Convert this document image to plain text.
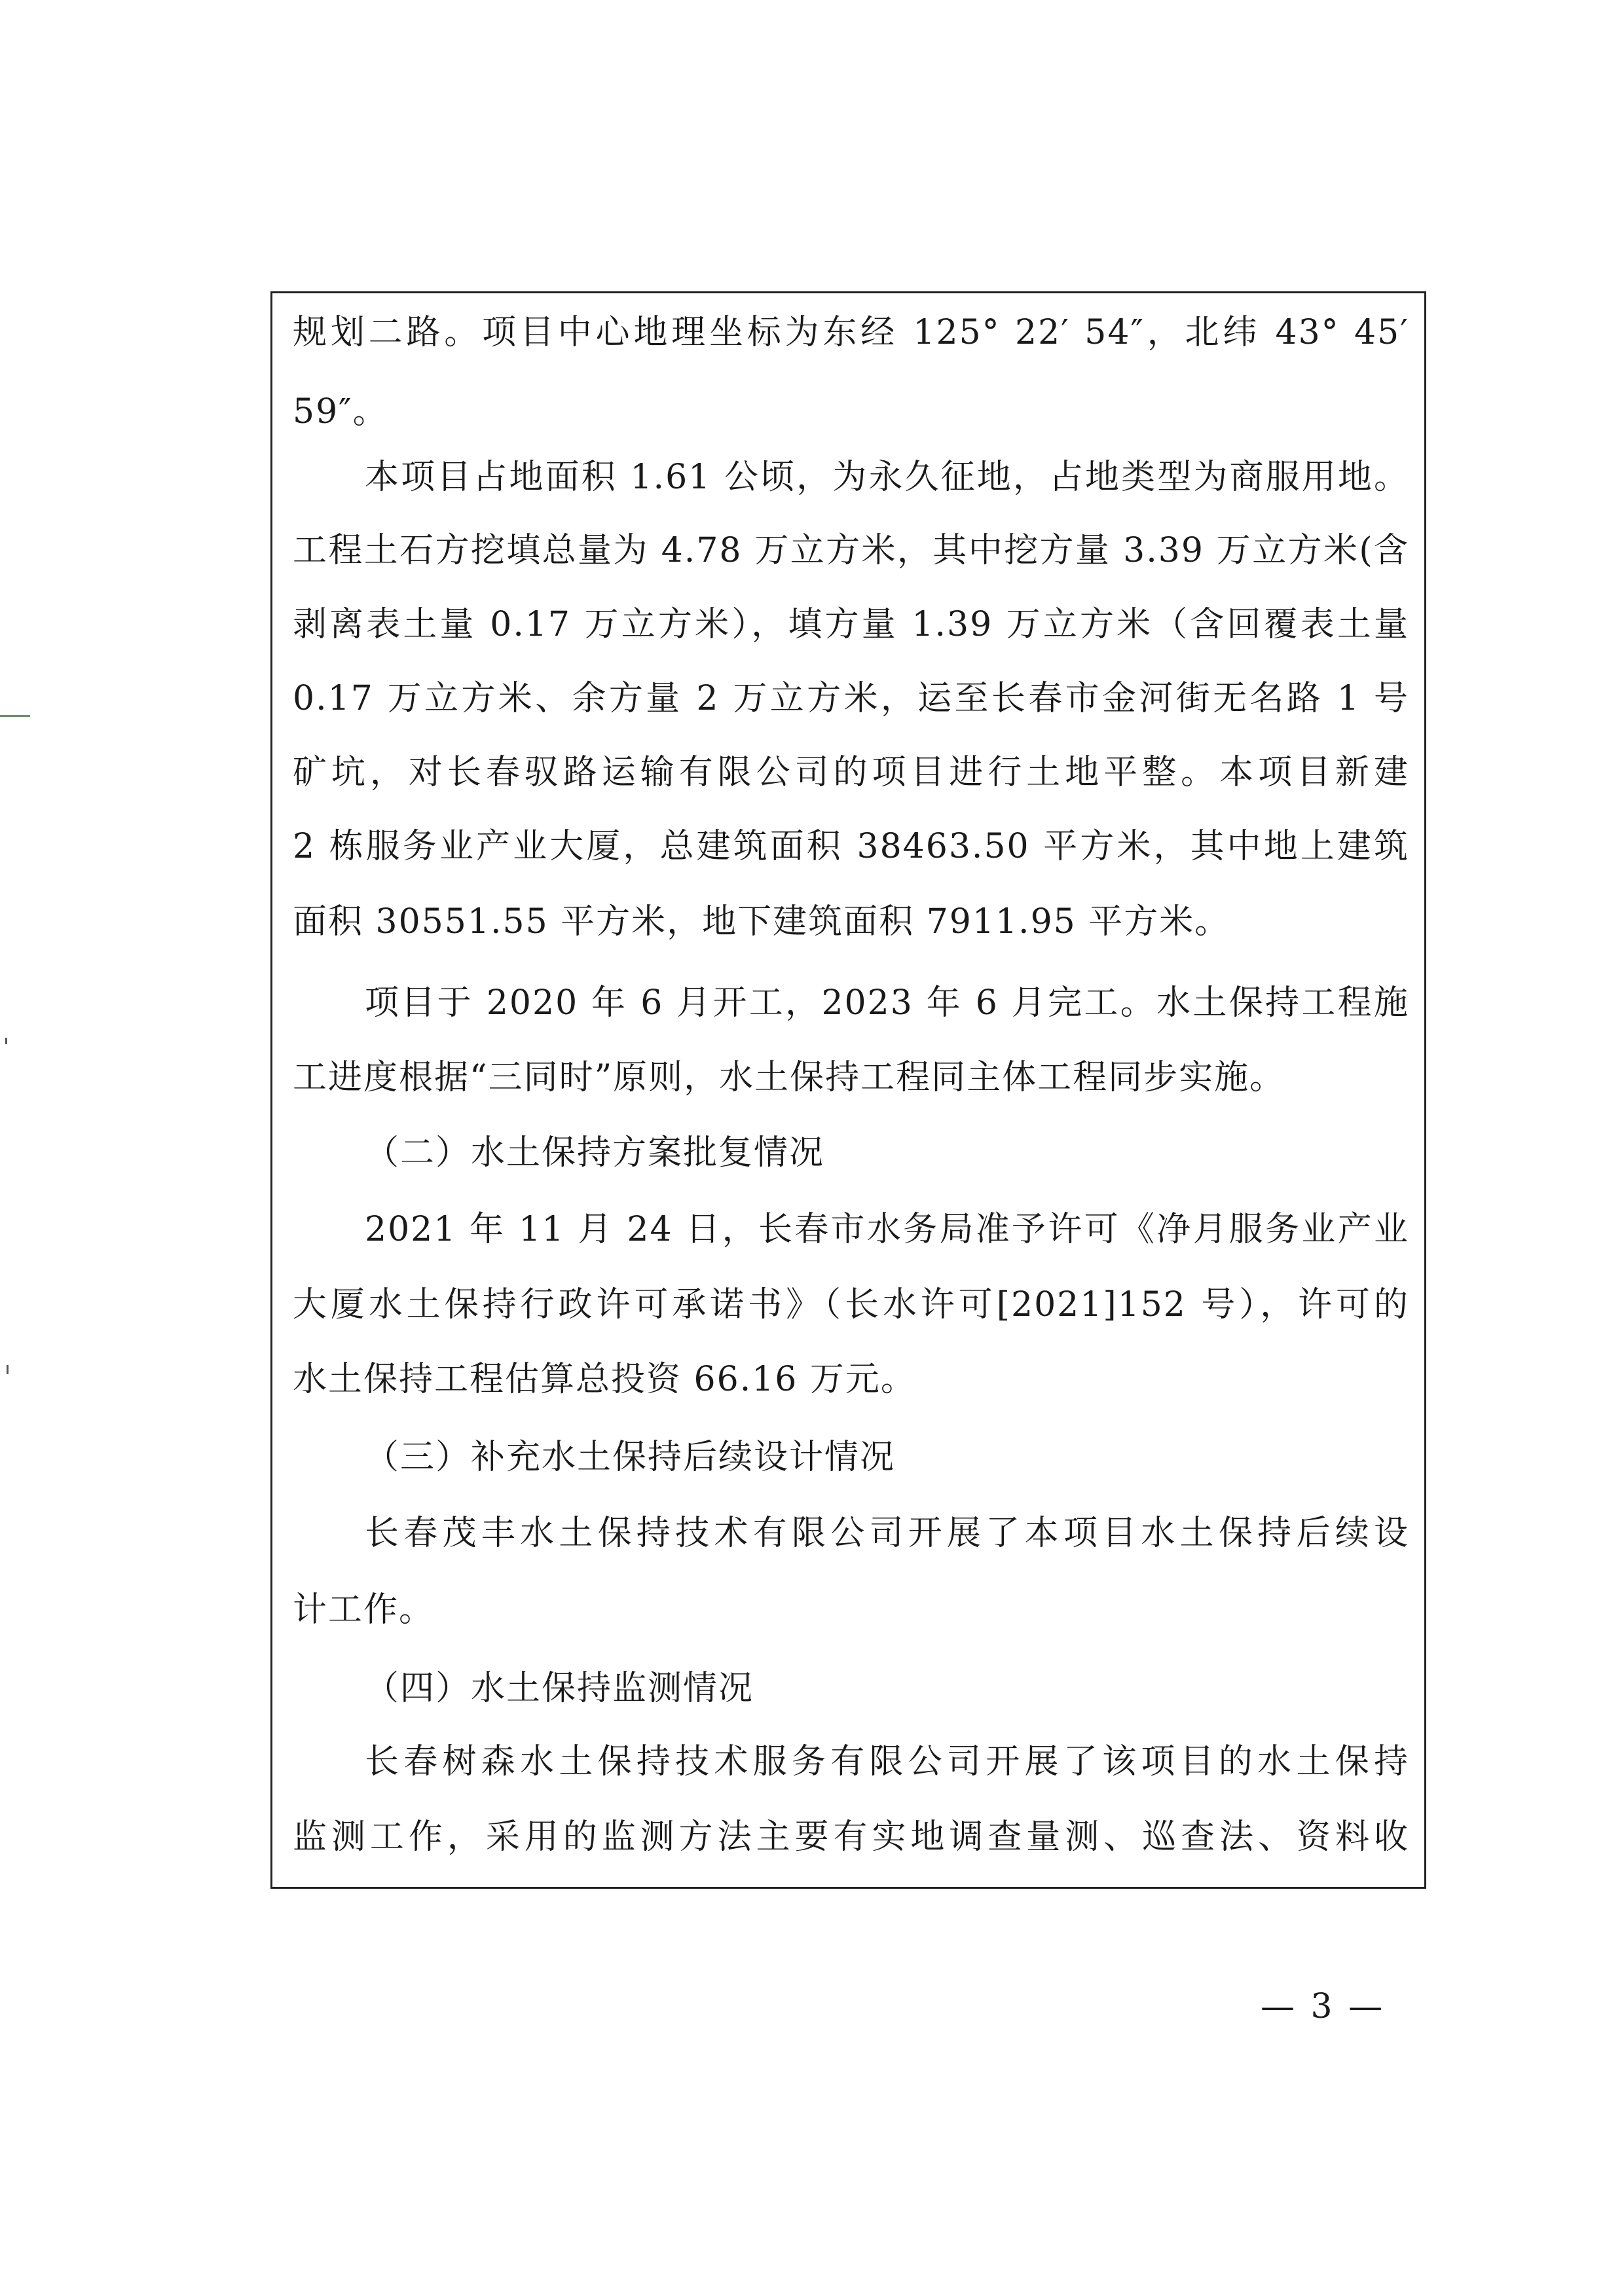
规划二路。项目中心地理坐标为东经 125° 22′ 54″，北纬 43° 45′
59″。
本项目占地面积 1.61 公顷，为永久征地，占地类型为商服用地。
工程土石方挖填总量为 4.78 万立方米，其中挖方量 3.39 万立方米(含
剥离表土量 0.17 万立方米），填方量 1.39 万立方米（含回覆表土量
0.17 万立方米、余方量 2 万立方米，运至长春市金河街无名路 1 号
矿坑，对长春驭路运输有限公司的项目进行土地平整。本项目新建
2 栋服务业产业大厦，总建筑面积 38463.50 平方米，其中地上建筑
面积 30551.55 平方米，地下建筑面积 7911.95 平方米。
项目于 2020 年 6 月开工，2023 年 6 月完工。水土保持工程施
工进度根据“三同时”原则，水土保持工程同主体工程同步实施。
（二）水土保持方案批复情况
2021 年 11 月 24 日，长春市水务局准予许可《净月服务业产业
大厦水土保持行政许可承诺书》（长水许可[2021]152 号），许可的
水土保持工程估算总投资 66.16 万元。
（三）补充水土保持后续设计情况
长春茂丰水土保持技术有限公司开展了本项目水土保持后续设
计工作。
（四）水土保持监测情况
长春树森水土保持技术服务有限公司开展了该项目的水土保持
监测工作，采用的监测方法主要有实地调查量测、巡查法、资料收
— 3 —
